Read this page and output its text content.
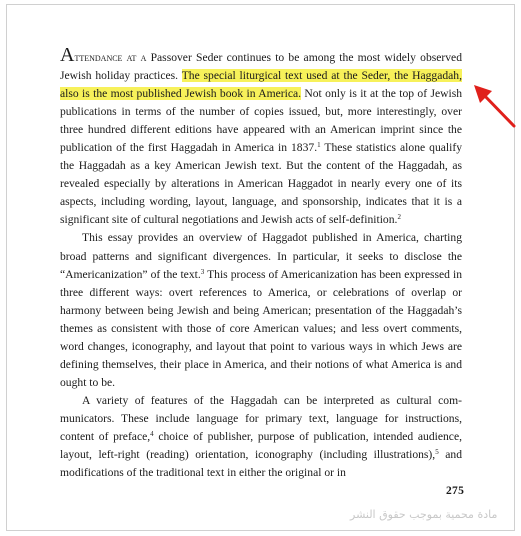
Attendance at a Passover Seder continues to be among the most widely observed Jewish holiday practices. The special liturgical text used at the Seder, the Haggadah, also is the most published Jewish book in America. Not only is it at the top of Jewish publications in terms of the number of copies issued, but, more interestingly, over three hundred different editions have appeared with an American imprint since the publication of the first Haggadah in America in 1837.$^1$ These statistics alone qualify the Haggadah as a key American Jewish text. But the content of the Haggadah, as revealed especially by alterations in American Haggadot in nearly every one of its aspects, including wording, layout, language, and sponsorship, indicates that it is a significant site of cultural negotiations and Jewish acts of self-definition.$^2$

This essay provides an overview of Haggadot published in America, charting broad patterns and significant divergences. In particular, it seeks to disclose the “Americanization” of the text.$^3$ This process of Americanization has been expressed in three different ways: overt references to America, or celebrations of overlap or harmony between being Jewish and being American; presentation of the Haggadah’s themes as consistent with those of core American values; and less overt comments, word changes, iconography, and layout that point to various ways in which Jews are defining themselves, their place in America, and their notions of what America is and ought to be.

A variety of features of the Haggadah can be interpreted as cultural communicators. These include language for primary text, language for instructions, content of preface,$^4$ choice of publisher, purpose of publication, intended audience, layout, left-right (reading) orientation, iconography (including illustrations),$^5$ and modifications of the traditional text in either the original or in

275
مادة محمية بموجب حقوق النشر
